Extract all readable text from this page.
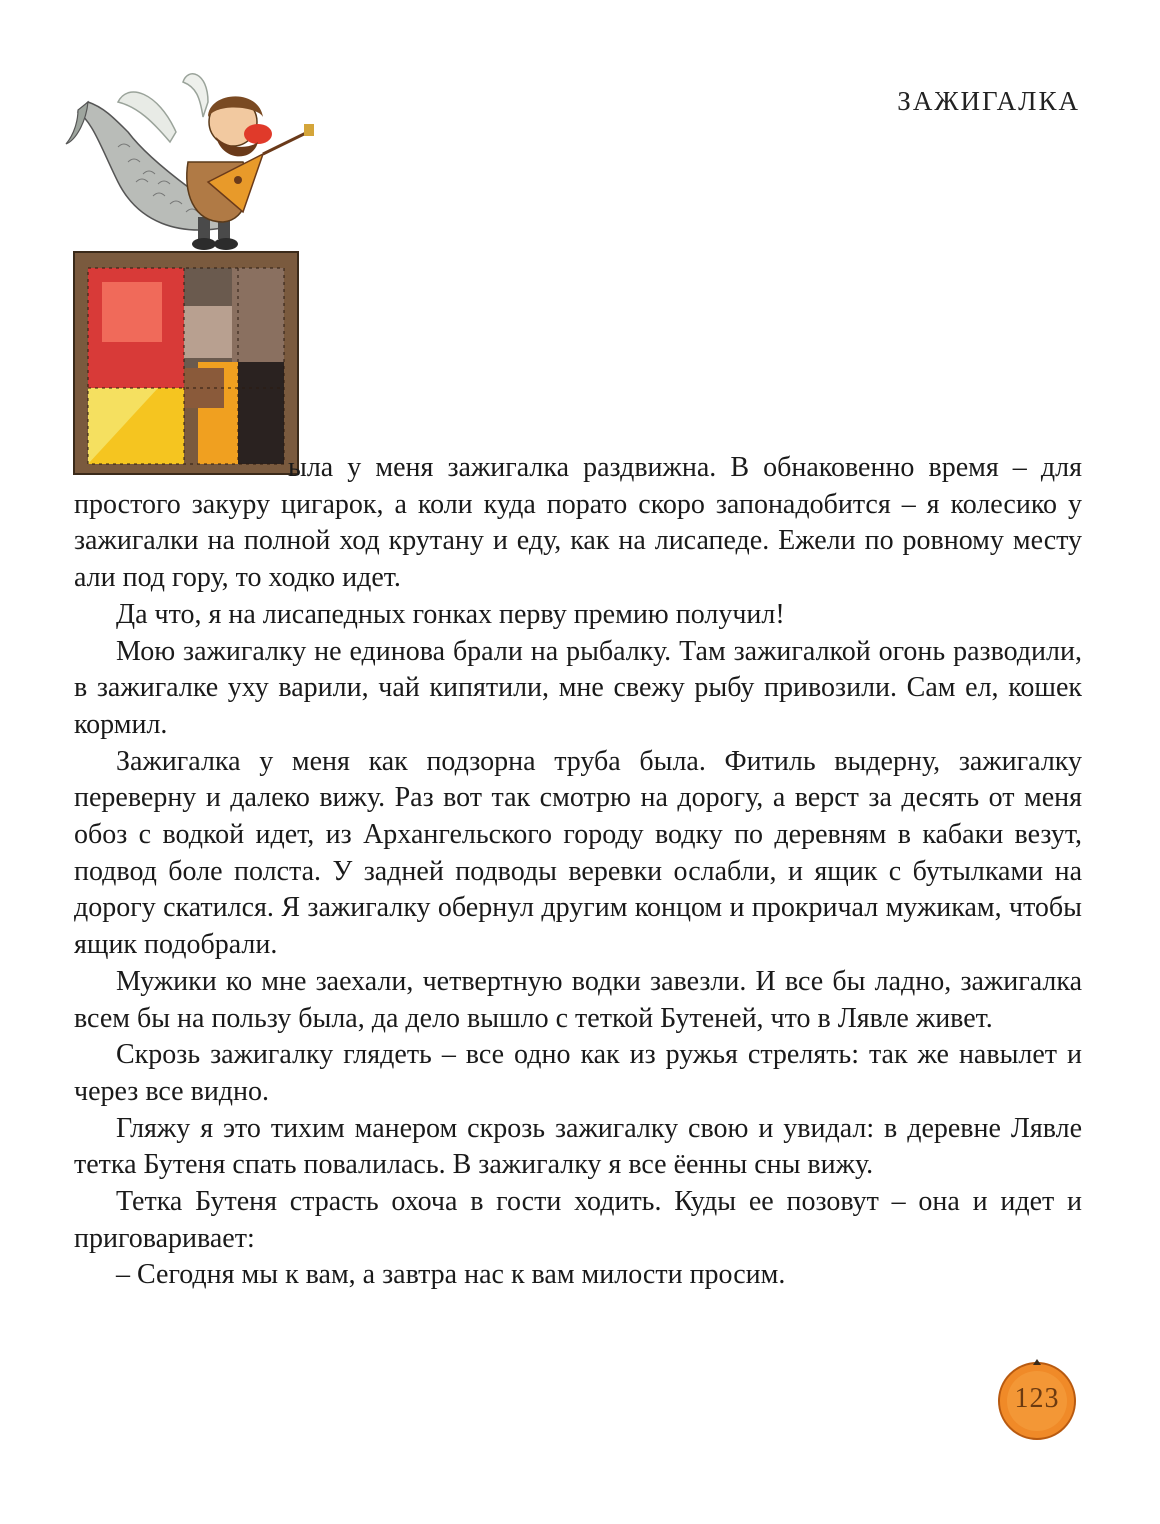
ЗАЖИГАЛКА

ыла у меня зажигалка раздвижна. В обнаковенно время – для простого закуру цигарок, а коли куда порато скоро запонадобится – я колесико у зажигалки на полной ход крутану и еду, как на лисапеде. Ежели по ровному месту али под гору, то ходко идет.

Да что, я на лисапедных гонках перву премию получил!

Мою зажигалку не единова брали на рыбалку. Там зажигалкой огонь разводили, в зажигалке уху варили, чай кипятили, мне свежу рыбу привозили. Сам ел, кошек кормил.

Зажигалка у меня как подзорна труба была. Фитиль выдерну, зажигалку переверну и далеко вижу. Раз вот так смотрю на дорогу, а верст за десять от меня обоз с водкой идет, из Архангельского городу водку по деревням в кабаки везут, подвод боле полста. У задней подводы веревки ослабли, и ящик с бутылками на дорогу скатился. Я зажигалку обернул другим концом и прокричал мужикам, чтобы ящик подобрали.

Мужики ко мне заехали, четвертную водки завезли. И все бы ладно, зажигалка всем бы на пользу была, да дело вышло с теткой Бутеней, что в Лявле живет.

Скрозь зажигалку глядеть – все одно как из ружья стрелять: так же навылет и через все видно.

Гляжу я это тихим манером скрозь зажигалку свою и увидал: в деревне Лявле тетка Бутеня спать повалилась. В зажигалку я все ёенны сны вижу.

Тетка Бутеня страсть охоча в гости ходить. Куды ее позовут – она и идет и приговаривает:

– Сегодня мы к вам, а завтра нас к вам милости просим.

123
